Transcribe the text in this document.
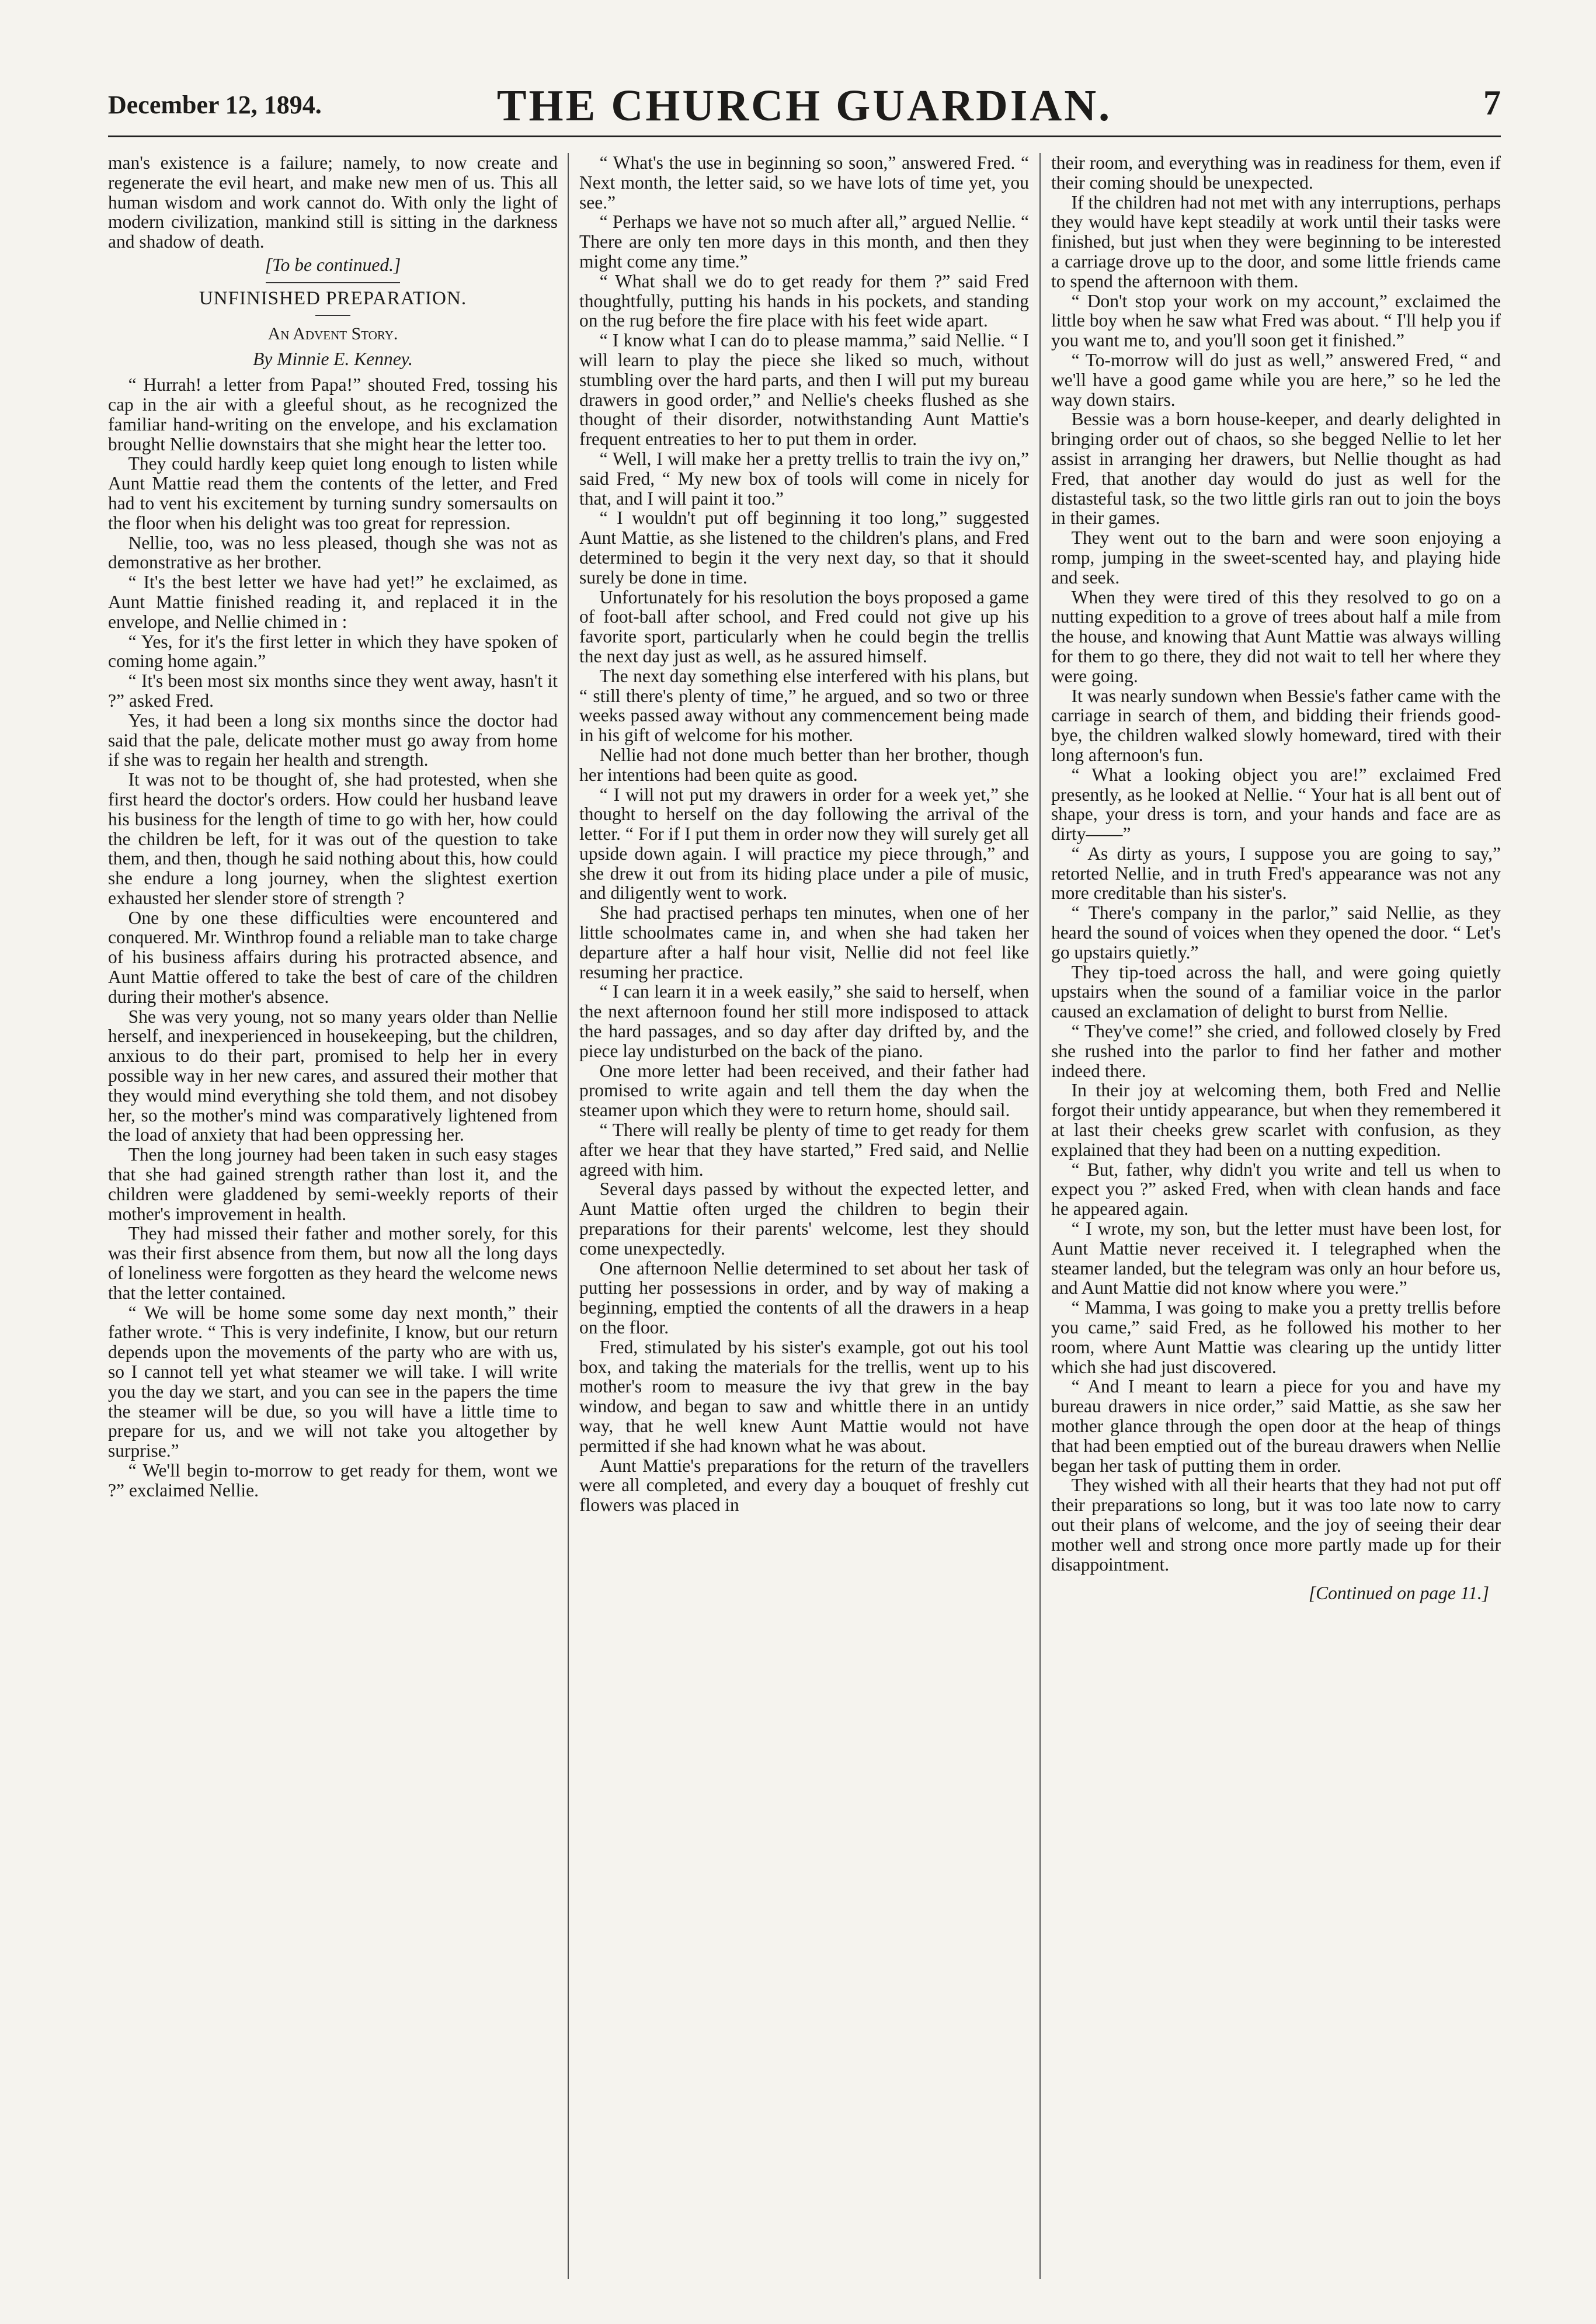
December 12, 1894.	THE CHURCH GUARDIAN.	7

man's existence is a failure; namely, to now create and regenerate the evil heart, and make new men of us. This all human wisdom and work cannot do. With only the light of modern civilization, mankind still is sitting in the darkness and shadow of death.

[To be continued.]
UNFINISHED PREPARATION.
An Advent Story.
By Minnie E. Kenney.

“ Hurrah! a letter from Papa!” shouted Fred, tossing his cap in the air with a gleeful shout, as he recognized the familiar hand-writing on the envelope, and his exclamation brought Nellie downstairs that she might hear the letter too.

They could hardly keep quiet long enough to listen while Aunt Mattie read them the contents of the letter, and Fred had to vent his excitement by turning sundry somersaults on the floor when his delight was too great for repression.

Nellie, too, was no less pleased, though she was not as demonstrative as her brother.

“ It's the best letter we have had yet!” he exclaimed, as Aunt Mattie finished reading it, and replaced it in the envelope, and Nellie chimed in :

“ Yes, for it's the first letter in which they have spoken of coming home again.”

“ It's been most six months since they went away, hasn't it ?” asked Fred.

Yes, it had been a long six months since the doctor had said that the pale, delicate mother must go away from home if she was to regain her health and strength.

It was not to be thought of, she had protested, when she first heard the doctor's orders. How could her husband leave his business for the length of time to go with her, how could the children be left, for it was out of the question to take them, and then, though he said nothing about this, how could she endure a long journey, when the slightest exertion exhausted her slender store of strength ?

One by one these difficulties were encountered and conquered. Mr. Winthrop found a reliable man to take charge of his business affairs during his protracted absence, and Aunt Mattie offered to take the best of care of the children during their mother's absence.

She was very young, not so many years older than Nellie herself, and inexperienced in housekeeping, but the children, anxious to do their part, promised to help her in every possible way in her new cares, and assured their mother that they would mind everything she told them, and not disobey her, so the mother's mind was comparatively lightened from the load of anxiety that had been oppressing her.

Then the long journey had been taken in such easy stages that she had gained strength rather than lost it, and the children were gladdened by semi-weekly reports of their mother's improvement in health.

They had missed their father and mother sorely, for this was their first absence from them, but now all the long days of loneliness were forgotten as they heard the welcome news that the letter contained.

“ We will be home some some day next month,” their father wrote. “ This is very indefinite, I know, but our return depends upon the movements of the party who are with us, so I cannot tell yet what steamer we will take. I will write you the day we start, and you can see in the papers the time the steamer will be due, so you will have a little time to prepare for us, and we will not take you altogether by surprise.”

“ We'll begin to-morrow to get ready for them, wont we ?” exclaimed Nellie.

“ What's the use in beginning so soon,” answered Fred. “ Next month, the letter said, so we have lots of time yet, you see.”

“ Perhaps we have not so much after all,” argued Nellie. “ There are only ten more days in this month, and then they might come any time.”

“ What shall we do to get ready for them ?” said Fred thoughtfully, putting his hands in his pockets, and standing on the rug before the fire place with his feet wide apart.

“ I know what I can do to please mamma,” said Nellie. “ I will learn to play the piece she liked so much, without stumbling over the hard parts, and then I will put my bureau drawers in good order,” and Nellie's cheeks flushed as she thought of their disorder, notwithstanding Aunt Mattie's frequent entreaties to her to put them in order.

“ Well, I will make her a pretty trellis to train the ivy on,” said Fred, “ My new box of tools will come in nicely for that, and I will paint it too.”

“ I wouldn't put off beginning it too long,” suggested Aunt Mattie, as she listened to the children's plans, and Fred determined to begin it the very next day, so that it should surely be done in time.

Unfortunately for his resolution the boys proposed a game of foot-ball after school, and Fred could not give up his favorite sport, particularly when he could begin the trellis the next day just as well, as he assured himself.

The next day something else interfered with his plans, but “ still there's plenty of time,” he argued, and so two or three weeks passed away without any commencement being made in his gift of welcome for his mother.

Nellie had not done much better than her brother, though her intentions had been quite as good.

“ I will not put my drawers in order for a week yet,” she thought to herself on the day following the arrival of the letter. “ For if I put them in order now they will surely get all upside down again. I will practice my piece through,” and she drew it out from its hiding place under a pile of music, and diligently went to work.

She had practised perhaps ten minutes, when one of her little schoolmates came in, and when she had taken her departure after a half hour visit, Nellie did not feel like resuming her practice.

“ I can learn it in a week easily,” she said to herself, when the next afternoon found her still more indisposed to attack the hard passages, and so day after day drifted by, and the piece lay undisturbed on the back of the piano.

One more letter had been received, and their father had promised to write again and tell them the day when the steamer upon which they were to return home, should sail.

“ There will really be plenty of time to get ready for them after we hear that they have started,” Fred said, and Nellie agreed with him.

Several days passed by without the expected letter, and Aunt Mattie often urged the children to begin their preparations for their parents' welcome, lest they should come unexpectedly.

One afternoon Nellie determined to set about her task of putting her possessions in order, and by way of making a beginning, emptied the contents of all the drawers in a heap on the floor.

Fred, stimulated by his sister's example, got out his tool box, and taking the materials for the trellis, went up to his mother's room to measure the ivy that grew in the bay window, and began to saw and whittle there in an untidy way, that he well knew Aunt Mattie would not have permitted if she had known what he was about.

Aunt Mattie's preparations for the return of the travellers were all completed, and every day a bouquet of freshly cut flowers was placed in

their room, and everything was in readiness for them, even if their coming should be unexpected.

If the children had not met with any interruptions, perhaps they would have kept steadily at work until their tasks were finished, but just when they were beginning to be interested a carriage drove up to the door, and some little friends came to spend the afternoon with them.

“ Don't stop your work on my account,” exclaimed the little boy when he saw what Fred was about. “ I'll help you if you want me to, and you'll soon get it finished.”

“ To-morrow will do just as well,” answered Fred, “ and we'll have a good game while you are here,” so he led the way down stairs.

Bessie was a born house-keeper, and dearly delighted in bringing order out of chaos, so she begged Nellie to let her assist in arranging her drawers, but Nellie thought as had Fred, that another day would do just as well for the distasteful task, so the two little girls ran out to join the boys in their games.

They went out to the barn and were soon enjoying a romp, jumping in the sweet-scented hay, and playing hide and seek.

When they were tired of this they resolved to go on a nutting expedition to a grove of trees about half a mile from the house, and knowing that Aunt Mattie was always willing for them to go there, they did not wait to tell her where they were going.

It was nearly sundown when Bessie's father came with the carriage in search of them, and bidding their friends good-bye, the children walked slowly homeward, tired with their long afternoon's fun.

“ What a looking object you are!” exclaimed Fred presently, as he looked at Nellie. “ Your hat is all bent out of shape, your dress is torn, and your hands and face are as dirty——”

“ As dirty as yours, I suppose you are going to say,” retorted Nellie, and in truth Fred's appearance was not any more creditable than his sister's.

“ There's company in the parlor,” said Nellie, as they heard the sound of voices when they opened the door. “ Let's go upstairs quietly.”

They tip-toed across the hall, and were going quietly upstairs when the sound of a familiar voice in the parlor caused an exclamation of delight to burst from Nellie.

“ They've come!” she cried, and followed closely by Fred she rushed into the parlor to find her father and mother indeed there.

In their joy at welcoming them, both Fred and Nellie forgot their untidy appearance, but when they remembered it at last their cheeks grew scarlet with confusion, as they explained that they had been on a nutting expedition.

“ But, father, why didn't you write and tell us when to expect you ?” asked Fred, when with clean hands and face he appeared again.

“ I wrote, my son, but the letter must have been lost, for Aunt Mattie never received it. I telegraphed when the steamer landed, but the telegram was only an hour before us, and Aunt Mattie did not know where you were.”

“ Mamma, I was going to make you a pretty trellis before you came,” said Fred, as he followed his mother to her room, where Aunt Mattie was clearing up the untidy litter which she had just discovered.

“ And I meant to learn a piece for you and have my bureau drawers in nice order,” said Mattie, as she saw her mother glance through the open door at the heap of things that had been emptied out of the bureau drawers when Nellie began her task of putting them in order.

They wished with all their hearts that they had not put off their preparations so long, but it was too late now to carry out their plans of welcome, and the joy of seeing their dear mother well and strong once more partly made up for their disappointment.

[Continued on page 11.]
